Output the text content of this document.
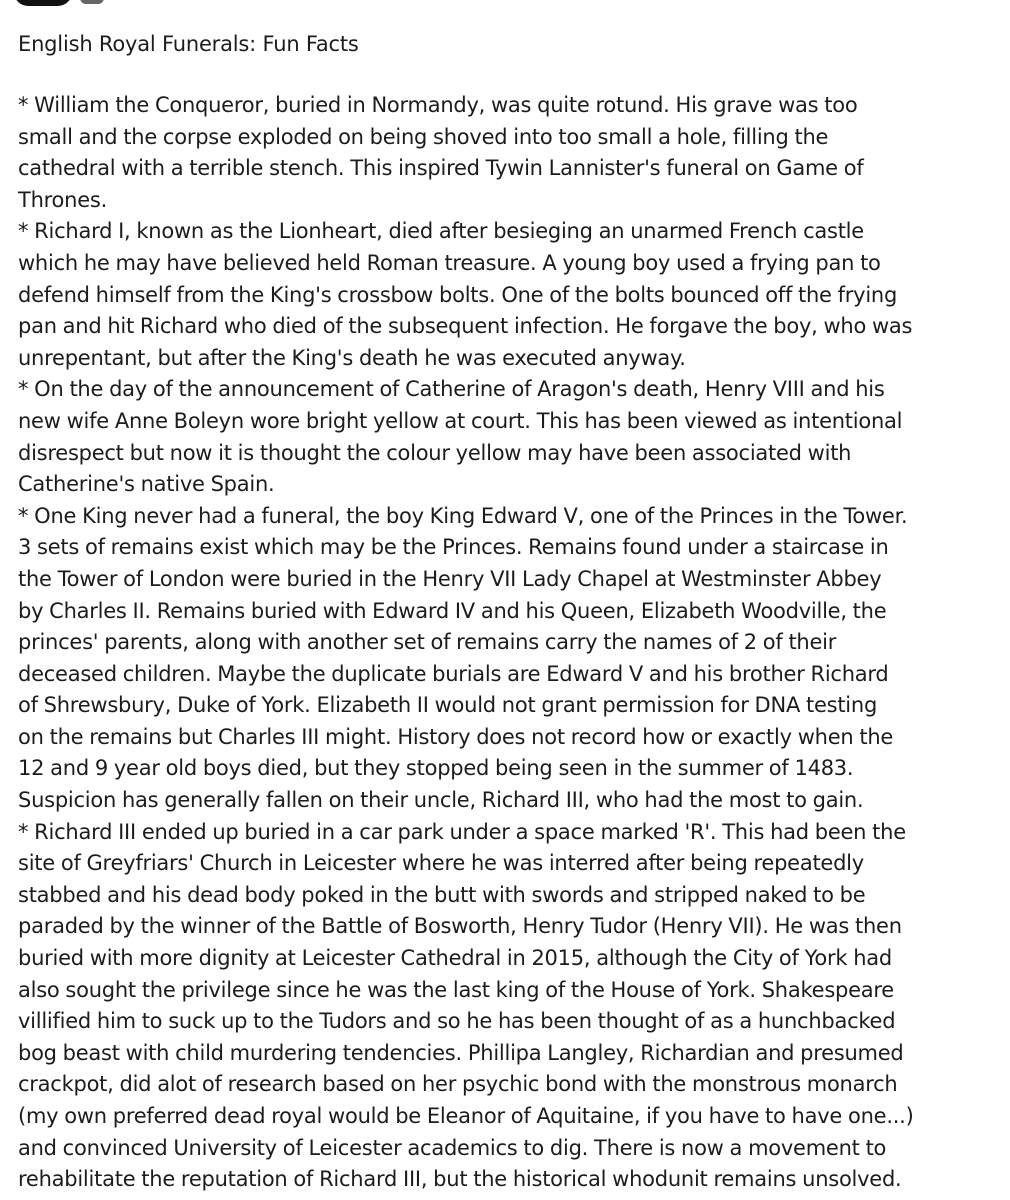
English Royal Funerals: Fun Facts
* William the Conqueror, buried in Normandy, was quite rotund. His grave was too
small and the corpse exploded on being shoved into too small a hole, filling the
cathedral with a terrible stench. This inspired Tywin Lannister's funeral on Game of
Thrones.
* Richard I, known as the Lionheart, died after besieging an unarmed French castle
which he may have believed held Roman treasure. A young boy used a frying pan to
defend himself from the King's crossbow bolts. One of the bolts bounced off the frying
pan and hit Richard who died of the subsequent infection. He forgave the boy, who was
unrepentant, but after the King's death he was executed anyway.
* On the day of the announcement of Catherine of Aragon's death, Henry VIII and his
new wife Anne Boleyn wore bright yellow at court. This has been viewed as intentional
disrespect but now it is thought the colour yellow may have been associated with
Catherine's native Spain.
* One King never had a funeral, the boy King Edward V, one of the Princes in the Tower.
3 sets of remains exist which may be the Princes. Remains found under a staircase in
the Tower of London were buried in the Henry VII Lady Chapel at Westminster Abbey
by Charles II. Remains buried with Edward IV and his Queen, Elizabeth Woodville, the
princes' parents, along with another set of remains carry the names of 2 of their
deceased children. Maybe the duplicate burials are Edward V and his brother Richard
of Shrewsbury, Duke of York. Elizabeth II would not grant permission for DNA testing
on the remains but Charles III might. History does not record how or exactly when the
12 and 9 year old boys died, but they stopped being seen in the summer of 1483.
Suspicion has generally fallen on their uncle, Richard III, who had the most to gain.
* Richard III ended up buried in a car park under a space marked 'R'. This had been the
site of Greyfriars' Church in Leicester where he was interred after being repeatedly
stabbed and his dead body poked in the butt with swords and stripped naked to be
paraded by the winner of the Battle of Bosworth, Henry Tudor (Henry VII). He was then
buried with more dignity at Leicester Cathedral in 2015, although the City of York had
also sought the privilege since he was the last king of the House of York. Shakespeare
villified him to suck up to the Tudors and so he has been thought of as a hunchbacked
bog beast with child murdering tendencies. Phillipa Langley, Richardian and presumed
crackpot, did alot of research based on her psychic bond with the monstrous monarch
(my own preferred dead royal would be Eleanor of Aquitaine, if you have to have one...)
and convinced University of Leicester academics to dig. There is now a movement to
rehabilitate the reputation of Richard III, but the historical whodunit remains unsolved.
